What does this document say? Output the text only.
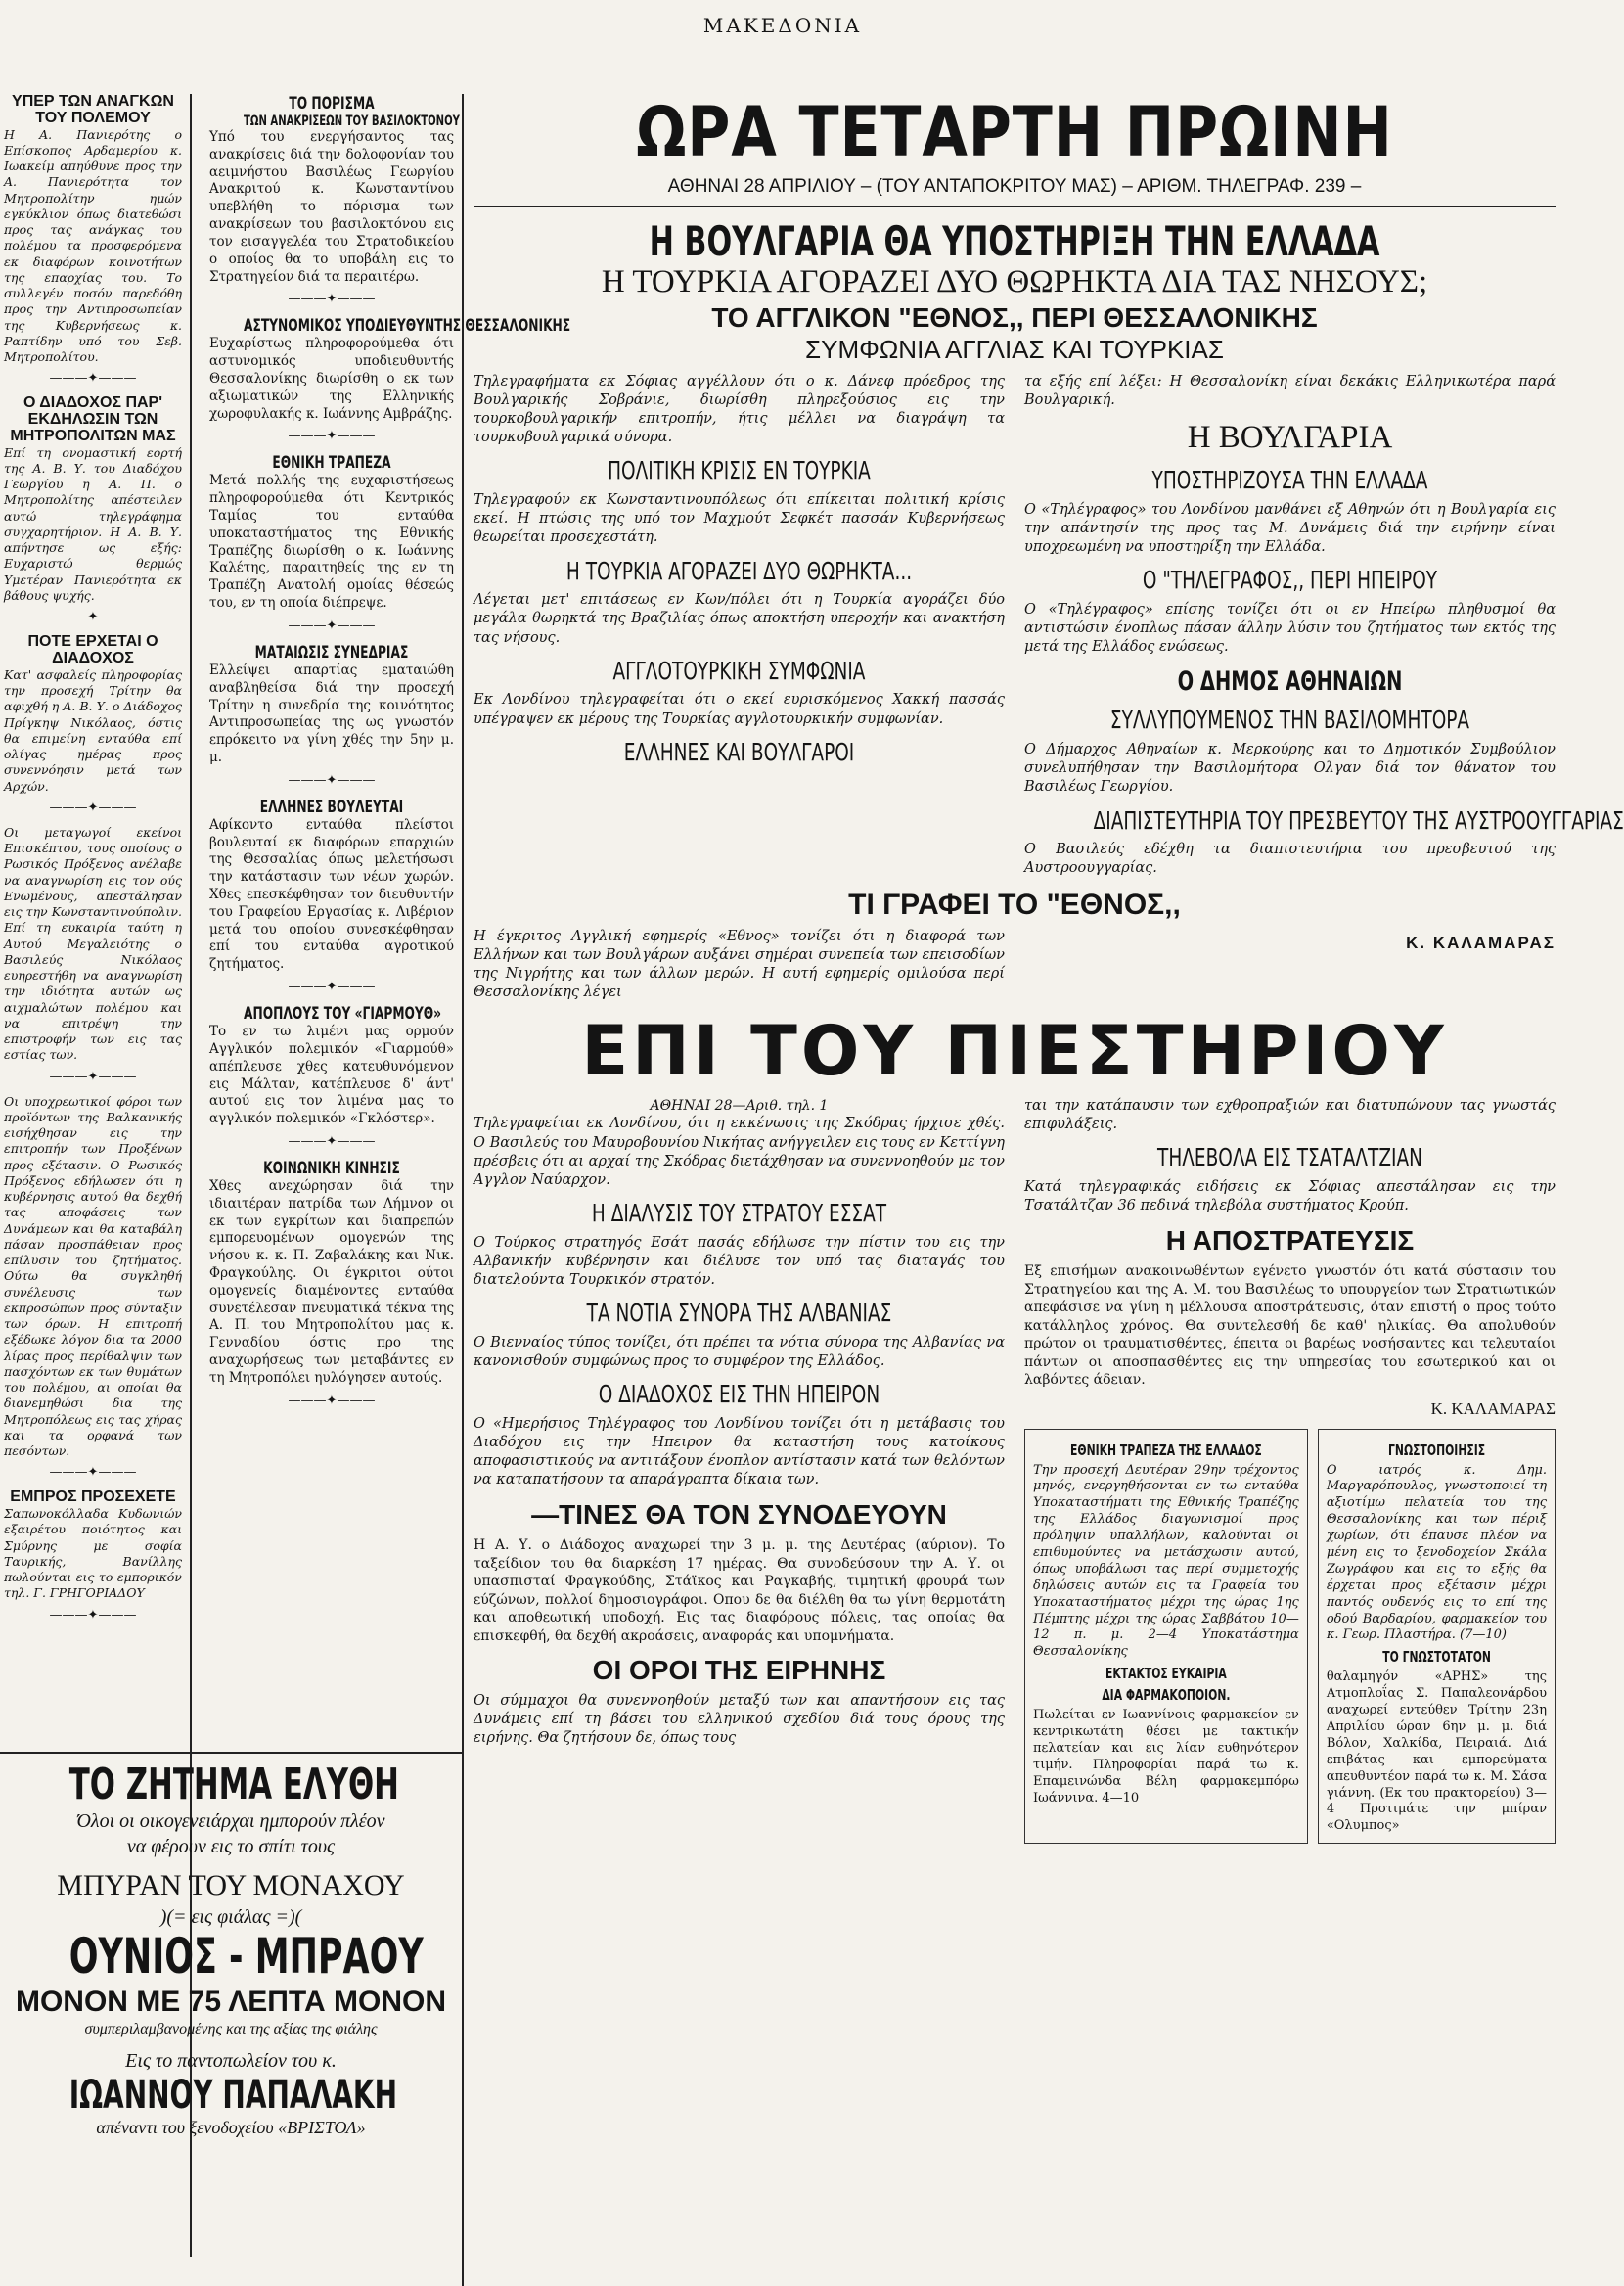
ΜΑΚΕΔΟΝΙΑ
ΥΠΕΡ ΤΩΝ ΑΝΑΓΚΩΝ ΤΟΥ ΠΟΛΕΜΟΥ

Η Α. Πανιερότης ο Επίσκοπος Αρδαμερίου κ. Ιωακείμ απηύθυνε προς την Α. Πανιερότητα τον Μητροπολίτην ημών εγκύκλιον όπως διατεθώσι προς τας ανάγκας του πολέμου τα προσφερόμενα εκ διαφόρων κοινοτήτων της επαρχίας του. Το συλλεγέν ποσόν παρεδόθη προς την Αντιπροσωπείαν της Κυβερνήσεως κ. Ραπτίδην υπό του Σεβ. Μητροπολίτου.

———✦———
Ο ΔΙΑΔΟΧΟΣ ΠΑΡ' ΕΚΔΗΛΩΣΙΝ ΤΩΝ ΜΗΤΡΟΠΟΛΙΤΩΝ ΜΑΣ

Επί τη ονομαστική εορτή της Α. Β. Υ. του Διαδόχου Γεωργίου η Α. Π. ο Μητροπολίτης απέστειλεν αυτώ τηλεγράφημα συγχαρητήριον. Η Α. Β. Υ. απήντησε ως εξής: Ευχαριστώ θερμώς Υμετέραν Πανιερότητα εκ βάθους ψυχής.

———✦———
ΠΟΤΕ ΕΡΧΕΤΑΙ Ο ΔΙΑΔΟΧΟΣ

Κατ' ασφαλείς πληροφορίας την προσεχή Τρίτην θα αφιχθή η Α. Β. Υ. ο Διάδοχος Πρίγκηψ Νικόλαος, όστις θα επιμείνη ενταύθα επί ολίγας ημέρας προς συνεννόησιν μετά των Αρχών.

———✦———

Οι μεταγωγοί εκείνοι Επισκέπτου, τους οποίους ο Ρωσικός Πρόξενος ανέλαβε να αναγνωρίση εις τον ούς Ενωμένους, απεστάλησαν εις την Κωνσταντινούπολιν. Επί τη ευκαιρία ταύτη η Αυτού Μεγαλειότης ο Βασιλεύς Νικόλαος ευηρεστήθη να αναγνωρίση την ιδιότητα αυτών ως αιχμαλώτων πολέμου και να επιτρέψη την επιστροφήν των εις τας εστίας των.

———✦———

Οι υποχρεωτικοί φόροι των προϊόντων της Βαλκανικής εισήχθησαν εις την επιτροπήν των Προξένων προς εξέτασιν. Ο Ρωσικός Πρόξενος εδήλωσεν ότι η κυβέρνησις αυτού θα δεχθή τας αποφάσεις των Δυνάμεων και θα καταβάλη πάσαν προσπάθειαν προς επίλυσιν του ζητήματος. Ούτω θα συγκληθή συνέλευσις των εκπροσώπων προς σύνταξιν των όρων. Η επιτροπή εξέδωκε λόγον δια τα 2000 λίρας προς περίθαλψιν των πασχόντων εκ των θυμάτων του πολέμου, αι οποίαι θα διανεμηθώσι δια της Μητροπόλεως εις τας χήρας και τα ορφανά των πεσόντων.

———✦———
ΕΜΠΡΟΣ ΠΡΟΣΕΧΕΤΕ

Σαπωνοκόλλαδα Κυδωνιών εξαιρέτου ποιότητος και Σμύρνης με σοφία Ταυρικής, Βανίλλης πωλούνται εις το εμπορικόν τηλ. Γ. ΓΡΗΓΟΡΙΑΔΟΥ

———✦———
ΤΟ ΠΟΡΙΣΜΑ
ΤΩΝ ΑΝΑΚΡΙΣΕΩΝ ΤΟΥ ΒΑΣΙΛΟΚΤΟΝΟΥ

Υπό του ενεργήσαντος τας ανακρίσεις διά την δολοφονίαν του αειμνήστου Βασιλέως Γεωργίου Ανακριτού κ. Κωνσταντίνου υπεβλήθη το πόρισμα των ανακρίσεων του βασιλοκτόνου εις τον εισαγγελέα του Στρατοδικείου ο οποίος θα το υποβάλη εις το Στρατηγείον διά τα περαιτέρω.

———✦———
ΑΣΤΥΝΟΜΙΚΟΣ ΥΠΟΔΙΕΥΘΥΝΤΗΣ ΘΕΣΣΑΛΟΝΙΚΗΣ

Ευχαρίστως πληροφορούμεθα ότι αστυνομικός υποδιευθυντής Θεσσαλονίκης διωρίσθη ο εκ των αξιωματικών της Ελληνικής χωροφυλακής κ. Ιωάννης Αμβράζης.

———✦———
ΕΘΝΙΚΗ ΤΡΑΠΕΖΑ

Μετά πολλής της ευχαριστήσεως πληροφορούμεθα ότι Κεντρικός Ταμίας του ενταύθα υποκαταστήματος της Εθνικής Τραπέζης διωρίσθη ο κ. Ιωάννης Καλέτης, παραιτηθείς της εν τη Τραπέζη Ανατολή ομοίας θέσεώς του, εν τη οποία διέπρεψε.

———✦———
ΜΑΤΑΙΩΣΙΣ ΣΥΝΕΔΡΙΑΣ

Ελλείψει απαρτίας εματαιώθη αναβληθείσα διά την προσεχή Τρίτην η συνεδρία της κοινότητος Αντιπροσωπείας της ως γνωστόν επρόκειτο να γίνη χθές την 5ην μ. μ.

———✦———
ΕΛΛΗΝΕΣ ΒΟΥΛΕΥΤΑΙ

Αφίκοντο ενταύθα πλείστοι βουλευταί εκ διαφόρων επαρχιών της Θεσσαλίας όπως μελετήσωσι την κατάστασιν των νέων χωρών. Χθες επεσκέφθησαν τον διευθυντήν του Γραφείου Εργασίας κ. Λιβέριον μετά του οποίου συνεσκέφθησαν επί του ενταύθα αγροτικού ζητήματος.

———✦———
ΑΠΟΠΛΟΥΣ ΤΟΥ «ΓΙΑΡΜΟΥΘ»

Το εν τω λιμένι μας ορμούν Αγγλικόν πολεμικόν «Γιαρμούθ» απέπλευσε χθες κατευθυνόμενον εις Μάλταν, κατέπλευσε δ' άντ' αυτού εις τον λιμένα μας το αγγλικόν πολεμικόν «Γκλόστερ».

———✦———
ΚΟΙΝΩΝΙΚΗ ΚΙΝΗΣΙΣ

Χθες ανεχώρησαν διά την ιδιαιτέραν πατρίδα των Λήμνον οι εκ των εγκρίτων και διαπρεπών εμπορευομένων ομογενών της νήσου κ. κ. Π. Ζαβαλάκης και Νικ. Φραγκούλης. Οι έγκριτοι ούτοι ομογενείς διαμένοντες ενταύθα συνετέλεσαν πνευματικά τέκνα της Α. Π. του Μητροπολίτου μας κ. Γενναδίου όστις προ της αναχωρήσεως των μεταβάντες εν τη Μητροπόλει ηυλόγησεν αυτούς.

———✦———
ΤΟ ΖΗΤΗΜΑ ΕΛΥΘΗ
Όλοι οι οικογενειάρχαι ημπορούν πλέον
να φέρουν εις το σπίτι τους
ΜΠΥΡΑΝ ΤΟΥ ΜΟΝΑΧΟΥ
)(= εις φιάλας =)(
ΟΥΝΙΟΣ - ΜΠΡΑΟΥ
ΜΟΝΟΝ ΜΕ 75 ΛΕΠΤΑ ΜΟΝΟΝ
συμπεριλαμβανομένης και της αξίας της φιάλης
Εις το παντοπωλείον του κ.
ΙΩΑΝΝΟΥ ΠΑΠΑΛΑΚΗ
απέναντι του ξενοδοχείου «ΒΡΙΣΤΟΛ»
ΩΡΑ ΤΕΤΑΡΤΗ ΠΡΩΙΝΗ
ΑΘΗΝΑΙ 28 ΑΠΡΙΛΙΟΥ – (ΤΟΥ ΑΝΤΑΠΟΚΡΙΤΟΥ ΜΑΣ) – ΑΡΙΘΜ. ΤΗΛΕΓΡΑΦ. 239 –
Η ΒΟΥΛΓΑΡΙΑ ΘΑ ΥΠΟΣΤΗΡΙΞΗ ΤΗΝ ΕΛΛΑΔΑ
Η ΤΟΥΡΚΙΑ ΑΓΟΡΑΖΕΙ ΔΥΟ ΘΩΡΗΚΤΑ ΔΙΑ ΤΑΣ ΝΗΣΟΥΣ;
ΤΟ ΑΓΓΛΙΚΟΝ "ΕΘΝΟΣ,, ΠΕΡΙ ΘΕΣΣΑΛΟΝΙΚΗΣ
ΣΥΜΦΩΝΙΑ ΑΓΓΛΙΑΣ ΚΑΙ ΤΟΥΡΚΙΑΣ

Τηλεγραφήματα εκ Σόφιας αγγέλλουν ότι ο κ. Δάνεφ πρόεδρος της Βουλγαρικής Σοβράνιε, διωρίσθη πληρεξούσιος εις την τουρκοβουλγαρικήν επιτροπήν, ήτις μέλλει να διαγράψη τα τουρκοβουλγαρικά σύνορα.

ΠΟΛΙΤΙΚΗ ΚΡΙΣΙΣ ΕΝ ΤΟΥΡΚΙΑ

Τηλεγραφούν εκ Κωνσταντινουπόλεως ότι επίκειται πολιτική κρίσις εκεί. Η πτώσις της υπό τον Μαχμούτ Σεφκέτ πασσάν Κυβερνήσεως θεωρείται προσεχεστάτη.

Η ΤΟΥΡΚΙΑ ΑΓΟΡΑΖΕΙ ΔΥΟ ΘΩΡΗΚΤΑ...

Λέγεται μετ' επιτάσεως εν Κων/πόλει ότι η Τουρκία αγοράζει δύο μεγάλα θωρηκτά της Βραζιλίας όπως αποκτήση υπεροχήν και ανακτήση τας νήσους.

ΑΓΓΛΟΤΟΥΡΚΙΚΗ ΣΥΜΦΩΝΙΑ

Εκ Λονδίνου τηλεγραφείται ότι ο εκεί ευρισκόμενος Χακκή πασσάς υπέγραψεν εκ μέρους της Τουρκίας αγγλοτουρκικήν συμφωνίαν.

ΕΛΛΗΝΕΣ ΚΑΙ ΒΟΥΛΓΑΡΟΙ

τα εξής επί λέξει: Η Θεσσαλονίκη είναι δεκάκις Ελληνικωτέρα παρά Βουλγαρική.

Η ΒΟΥΛΓΑΡΙΑ
ΥΠΟΣΤΗΡΙΖΟΥΣΑ ΤΗΝ ΕΛΛΑΔΑ

Ο «Τηλέγραφος» του Λονδίνου μανθάνει εξ Αθηνών ότι η Βουλγαρία εις την απάντησίν της προς τας Μ. Δυνάμεις διά την ειρήνην είναι υποχρεωμένη να υποστηρίξη την Ελλάδα.

Ο "ΤΗΛΕΓΡΑΦΟΣ,, ΠΕΡΙ ΗΠΕΙΡΟΥ

Ο «Τηλέγραφος» επίσης τονίζει ότι οι εν Ηπείρω πληθυσμοί θα αντιστώσιν ένοπλως πάσαν άλλην λύσιν του ζητήματος των εκτός της μετά της Ελλάδος ενώσεως.

Ο ΔΗΜΟΣ ΑΘΗΝΑΙΩΝ
ΣΥΛΛΥΠΟΥΜΕΝΟΣ ΤΗΝ ΒΑΣΙΛΟΜΗΤΟΡΑ

Ο Δήμαρχος Αθηναίων κ. Μερκούρης και το Δημοτικόν Συμβούλιον συνελυπήθησαν την Βασιλομήτορα Ολγαν διά τον θάνατον του Βασιλέως Γεωργίου.

ΔΙΑΠΙΣΤΕΥΤΗΡΙΑ ΤΟΥ ΠΡΕΣΒΕΥΤΟΥ ΤΗΣ ΑΥΣΤΡΟΟΥΓΓΑΡΙΑΣ

Ο Βασιλεύς εδέχθη τα διαπιστευτήρια του πρεσβευτού της Αυστροουγγαρίας.

ΤΙ ΓΡΑΦΕΙ ΤΟ "ΕΘΝΟΣ,,

Η έγκριτος Αγγλική εφημερίς «Εθνος» τονίζει ότι η διαφορά των Ελλήνων και των Βουλγάρων αυξάνει σημέραι συνεπεία των επεισοδίων της Νιγρήτης και των άλλων μερών. Η αυτή εφημερίς ομιλούσα περί Θεσσαλονίκης λέγει

Κ. ΚΑΛΑΜΑΡΑΣ
ΕΠΙ ΤΟΥ ΠΙΕΣΤΗΡΙΟΥ
ΑΘΗΝΑΙ 28—Αριθ. τηλ. 1

Τηλεγραφείται εκ Λονδίνου, ότι η εκκένωσις της Σκόδρας ήρχισε χθές. Ο Βασιλεύς του Μαυροβουνίου Νικήτας ανήγγειλεν εις τους εν Κεττίγνη πρέσβεις ότι αι αρχαί της Σκόδρας διετάχθησαν να συνεννοηθούν με τον Αγγλον Ναύαρχον.

Η ΔΙΑΛΥΣΙΣ ΤΟΥ ΣΤΡΑΤΟΥ ΕΣΣΑΤ

Ο Τούρκος στρατηγός Εσάτ πασάς εδήλωσε την πίστιν του εις την Αλβανικήν κυβέρνησιν και διέλυσε τον υπό τας διαταγάς του διατελούντα Τουρκικόν στρατόν.

ΤΑ ΝΟΤΙΑ ΣΥΝΟΡΑ ΤΗΣ ΑΛΒΑΝΙΑΣ

Ο Βιενναίος τύπος τονίζει, ότι πρέπει τα νότια σύνορα της Αλβανίας να κανονισθούν συμφώνως προς το συμφέρον της Ελλάδος.

Ο ΔΙΑΔΟΧΟΣ ΕΙΣ ΤΗΝ ΗΠΕΙΡΟΝ

Ο «Ημερήσιος Τηλέγραφος του Λονδίνου τονίζει ότι η μετάβασις του Διαδόχου εις την Ηπειρον θα καταστήση τους κατοίκους αποφασιστικούς να αντιτάξουν ένοπλον αντίστασιν κατά των θελόντων να καταπατήσουν τα απαράγραπτα δίκαια των.

—ΤΙΝΕΣ ΘΑ ΤΟΝ ΣΥΝΟΔΕΥΟΥΝ

Η Α. Υ. ο Διάδοχος αναχωρεί την 3 μ. μ. της Δευτέρας (αύριον). Το ταξείδιον του θα διαρκέση 17 ημέρας. Θα συνοδεύσουν την Α. Υ. οι υπασπισταί Φραγκούδης, Στάϊκος και Ραγκαβής, τιμητική φρουρά των εύζώνων, πολλοί δημοσιογράφοι. Οπου δε θα διέλθη θα τω γίνη θερμοτάτη και αποθεωτική υποδοχή. Εις τας διαφόρους πόλεις, τας οποίας θα επισκεφθή, θα δεχθή ακροάσεις, αναφοράς και υπομνήματα.

ΟΙ ΟΡΟΙ ΤΗΣ ΕΙΡΗΝΗΣ

Οι σύμμαχοι θα συνεννοηθούν μεταξύ των και απαντήσουν εις τας Δυνάμεις επί τη βάσει του ελληνικού σχεδίου διά τους όρους της ειρήνης. Θα ζητήσουν δε, όπως τους

ται την κατάπαυσιν των εχθροπραξιών και διατυπώνουν τας γνωστάς επιφυλάξεις.

ΤΗΛΕΒΟΛΑ ΕΙΣ ΤΣΑΤΑΛΤΖΙΑΝ

Κατά τηλεγραφικάς ειδήσεις εκ Σόφιας απεστάλησαν εις την Τσατάλτζαν 36 πεδινά τηλεβόλα συστήματος Κρούπ.

Η ΑΠΟΣΤΡΑΤΕΥΣΙΣ

Εξ επισήμων ανακοινωθέντων εγένετο γνωστόν ότι κατά σύστασιν του Στρατηγείου και της Α. Μ. του Βασιλέως το υπουργείον των Στρατιωτικών απεφάσισε να γίνη η μέλλουσα αποστράτευσις, όταν επιστή ο προς τούτο κατάλληλος χρόνος. Θα συντελεσθή δε καθ' ηλικίας. Θα απολυθούν πρώτον οι τραυματισθέντες, έπειτα οι βαρέως νοσήσαντες και τελευταίοι πάντων οι αποσπασθέντες εις την υπηρεσίας του εσωτερικού και οι λαβόντες άδειαν.

Κ. ΚΑΛΑΜΑΡΑΣ
ΕΘΝΙΚΗ ΤΡΑΠΕΖΑ ΤΗΣ ΕΛΛΑΔΟΣ

Την προσεχή Δευτέραν 29ην τρέχοντος μηνός, ενεργηθήσονται εν τω ενταύθα Υποκαταστήματι της Εθνικής Τραπέζης της Ελλάδος διαγωνισμοί προς πρόληψιν υπαλλήλων, καλούνται οι επιθυμούντες να μετάσχωσιν αυτού, όπως υποβάλωσι τας περί συμμετοχής δηλώσεις αυτών εις τα Γραφεία του Υποκαταστήματος μέχρι της ώρας 1ης Πέμπτης μέχρι της ώρας Σαββάτου 10—12 π. μ. 2—4 Υποκατάστημα Θεσσαλονίκης

ΕΚΤΑΚΤΟΣ ΕΥΚΑΙΡΙΑ
ΔΙΑ ΦΑΡΜΑΚΟΠΟΙΟΝ.

Πωλείται εν Ιωαννίνοις φαρμακείον εν κεντρικωτάτη θέσει με τακτικήν πελατείαν και εις λίαν ευθηνότερον τιμήν. Πληροφορίαι παρά τω κ. Επαμεινώνδα Βέλη φαρμακεμπόρω Ιωάννινα. 4—10

ΓΝΩΣΤΟΠΟΙΗΣΙΣ

Ο ιατρός κ. Δημ. Μαργαρόπουλος, γνωστοποιεί τη αξιοτίμω πελατεία του της Θεσσαλονίκης και των πέριξ χωρίων, ότι έπαυσε πλέον να μένη εις το ξενοδοχείον Σκάλα Ζωγράφου και εις το εξής θα έρχεται προς εξέτασιν μέχρι παντός ουδενός εις το επί της οδού Βαρδαρίου, φαρμακείον του κ. Γεωρ. Πλαστήρα. (7—10)

ΤΟ ΓΝΩΣΤΟΤΑΤΟΝ

θαλαμηγόν «ΑΡΗΣ» της Ατμοπλοΐας Σ. Παπαλεονάρδου αναχωρεί εντεύθεν Τρίτην 23η Απριλίου ώραν 6ην μ. μ. διά Βόλον, Χαλκίδα, Πειραιά. Διά επιβάτας και εμπορεύματα απευθυντέον παρά τω κ. Μ. Σάσα γιάννη. (Εκ του πρακτορείου) 3—4 Προτιμάτε την μπίραν «Ολυμπος»
